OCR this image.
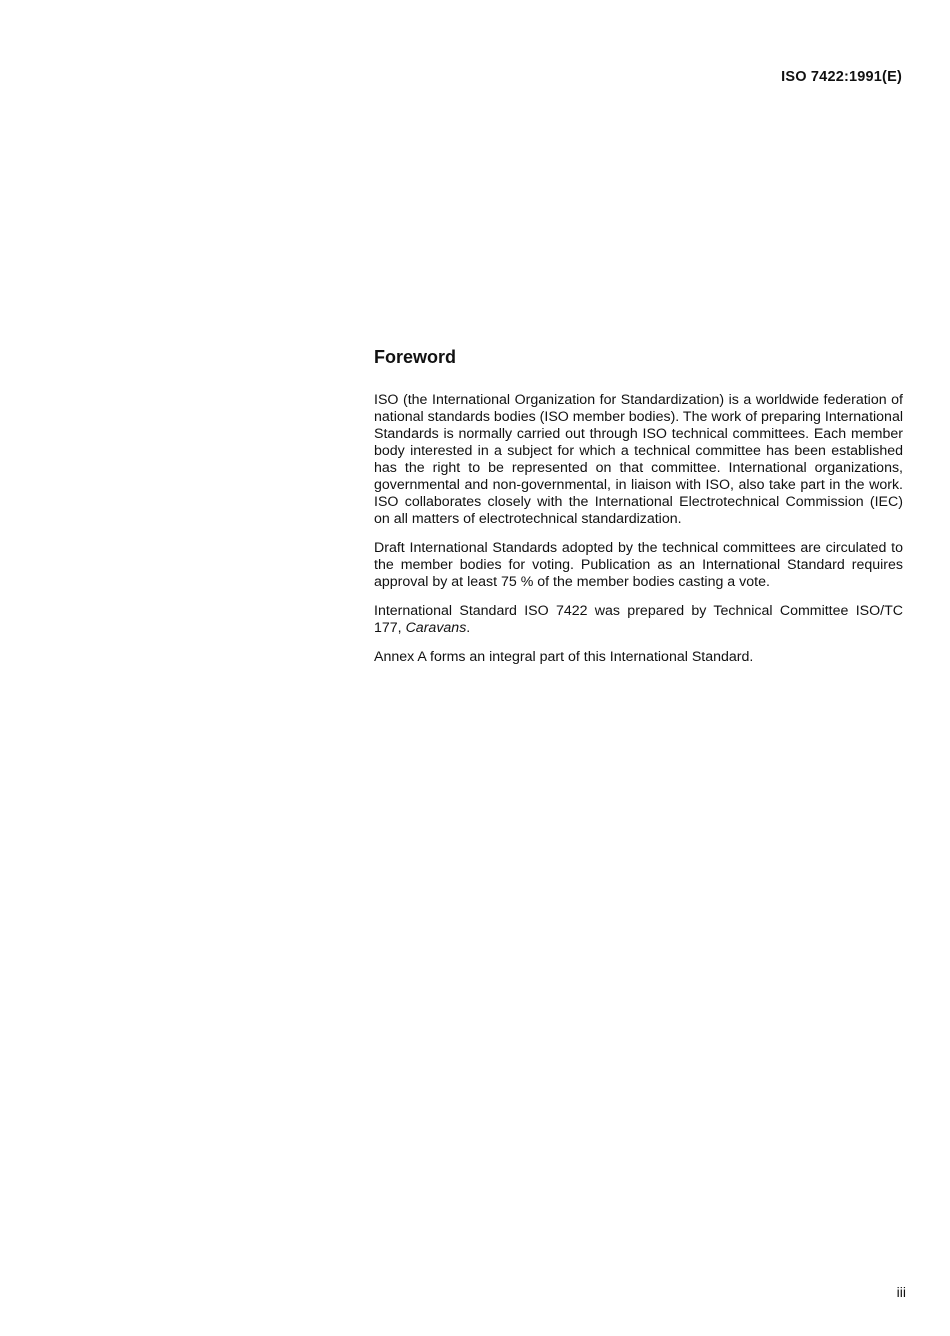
ISO 7422:1991(E)
Foreword

ISO (the International Organization for Standardization) is a worldwide federation of national standards bodies (ISO member bodies). The work of preparing International Standards is normally carried out through ISO technical committees. Each member body interested in a subject for which a technical committee has been established has the right to be represented on that committee. International organizations, governmental and non-governmental, in liaison with ISO, also take part in the work. ISO collaborates closely with the International Electrotechnical Commission (IEC) on all matters of electrotechnical standardization.

Draft International Standards adopted by the technical committees are circulated to the member bodies for voting. Publication as an International Standard requires approval by at least 75 % of the member bodies casting a vote.

International Standard ISO 7422 was prepared by Technical Committee ISO/TC 177, Caravans.

Annex A forms an integral part of this International Standard.

iii
